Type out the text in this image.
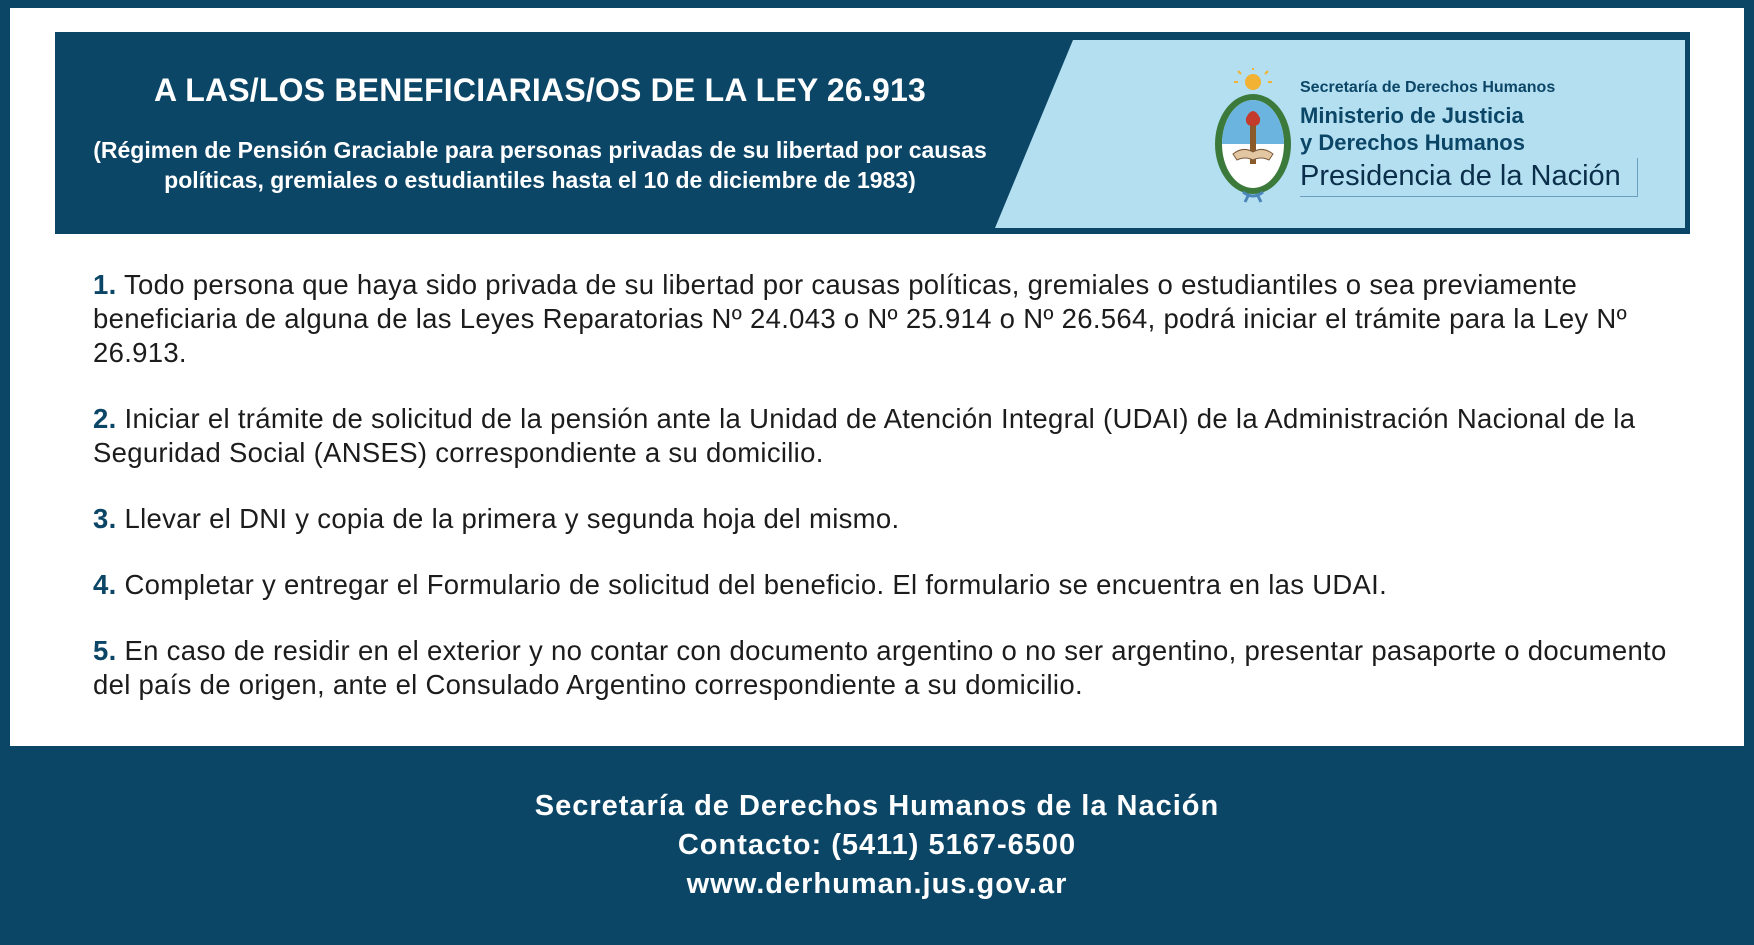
A LAS/LOS BENEFICIARIAS/OS DE LA LEY 26.913
(Régimen de Pensión Graciable para personas privadas de su libertad por causas políticas, gremiales o estudiantiles hasta el 10 de diciembre de 1983)
Secretaría de Derechos Humanos
Ministerio de Justicia
y Derechos Humanos
Presidencia de la Nación

1. Todo persona que haya sido privada de su libertad por causas políticas, gremiales o estudiantiles o sea previamente beneficiaria de alguna de las Leyes Reparatorias Nº 24.043 o Nº 25.914 o Nº 26.564, podrá iniciar el trámite para la Ley Nº 26.913.

2. Iniciar el trámite de solicitud de la pensión ante la Unidad de Atención Integral (UDAI) de la Administración Nacional de la Seguridad Social (ANSES) correspondiente a su domicilio.

3. Llevar el DNI y copia de la primera y segunda hoja del mismo.

4. Completar y entregar el Formulario de solicitud del beneficio. El formulario se encuentra en las UDAI.

5. En caso de residir en el exterior y no contar con documento argentino o no ser argentino, presentar pasaporte o documento del país de origen, ante el Consulado Argentino correspondiente a su domicilio.

Secretaría de Derechos Humanos de la Nación
Contacto: (5411) 5167-6500
www.derhuman.jus.gov.ar
